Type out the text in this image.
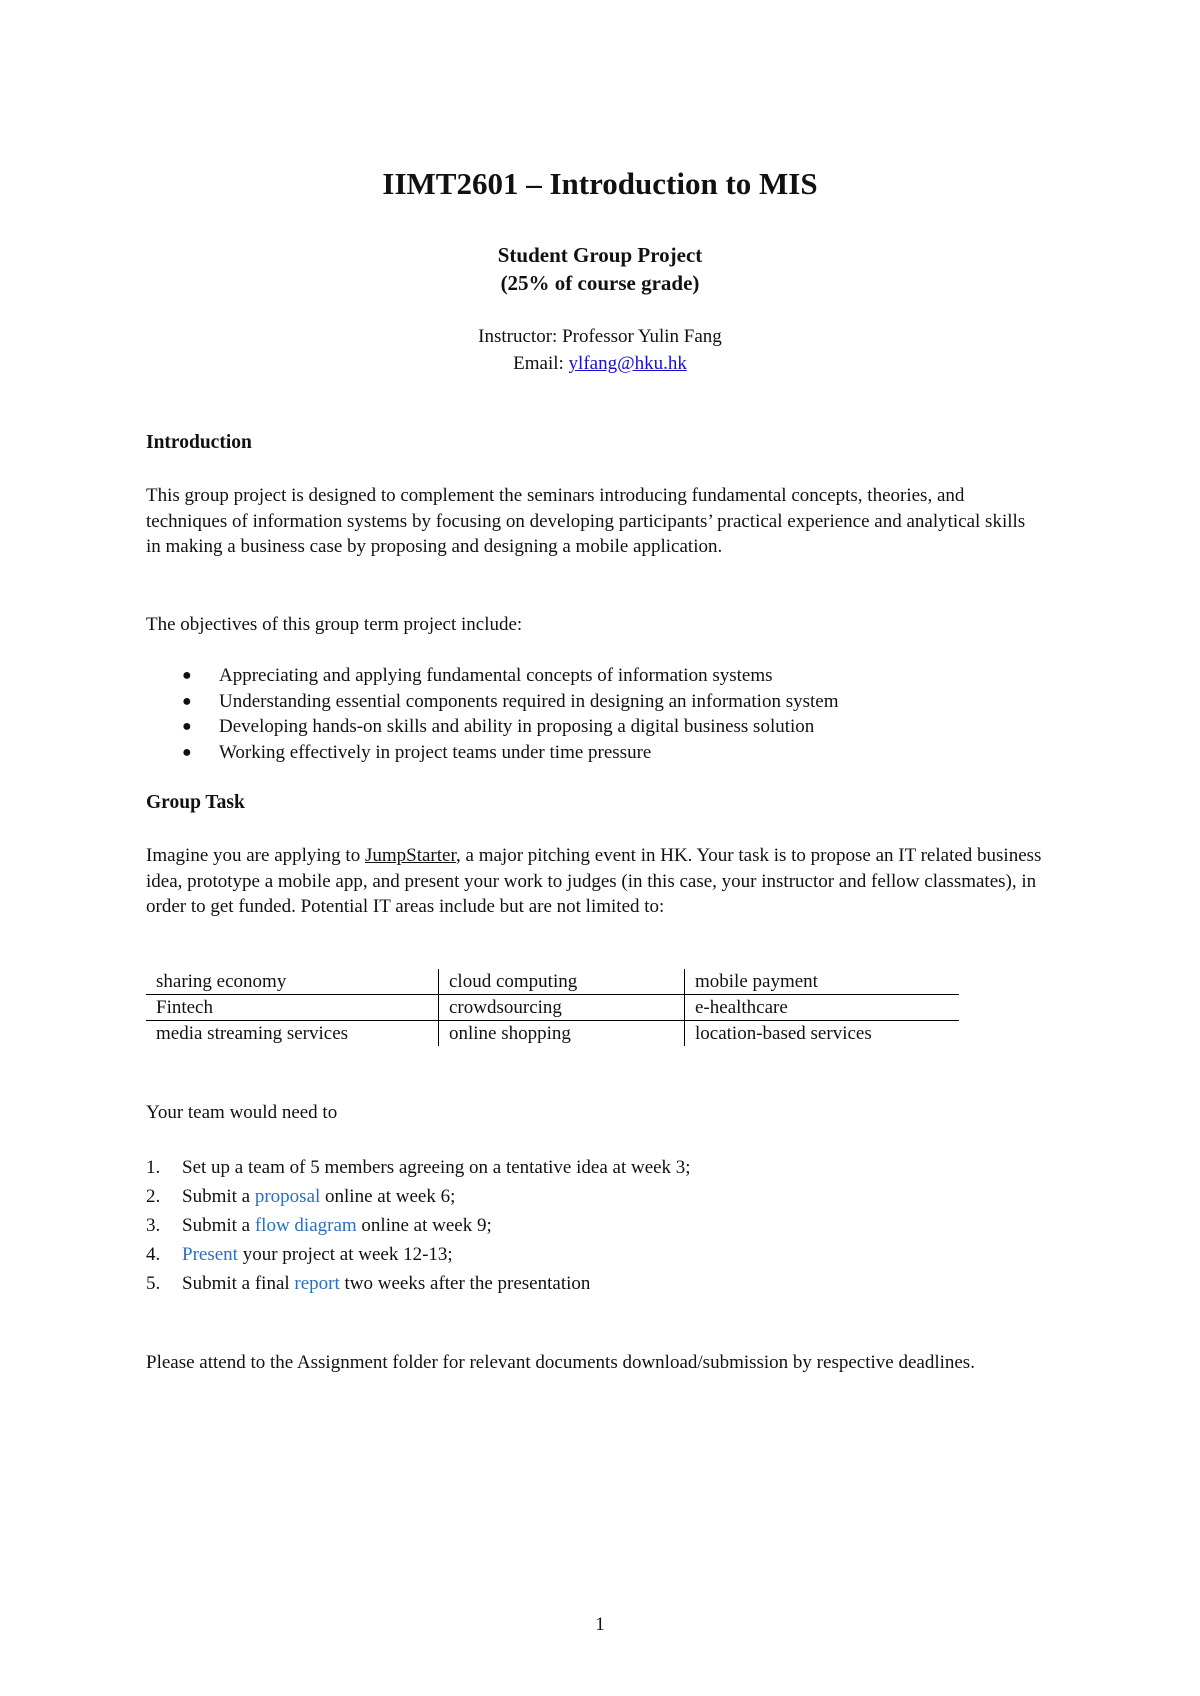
IIMT2601 – Introduction to MIS
Student Group Project
(25% of course grade)
Instructor: Professor Yulin Fang
Email: ylfang@hku.hk
Introduction
This group project is designed to complement the seminars introducing fundamental concepts, theories, and techniques of information systems by focusing on developing participants’ practical experience and analytical skills in making a business case by proposing and designing a mobile application.
The objectives of this group term project include:
● Appreciating and applying fundamental concepts of information systems
● Understanding essential components required in designing an information system
● Developing hands-on skills and ability in proposing a digital business solution
● Working effectively in project teams under time pressure
Group Task
Imagine you are applying to JumpStarter, a major pitching event in HK. Your task is to propose an IT related business idea, prototype a mobile app, and present your work to judges (in this case, your instructor and fellow classmates), in order to get funded. Potential IT areas include but are not limited to:
sharing economy	cloud computing	mobile payment
Fintech	crowdsourcing	e-healthcare
media streaming services	online shopping	location-based services
Your team would need to
1. Set up a team of 5 members agreeing on a tentative idea at week 3;
2. Submit a proposal online at week 6;
3. Submit a flow diagram online at week 9;
4. Present your project at week 12-13;
5. Submit a final report two weeks after the presentation
Please attend to the Assignment folder for relevant documents download/submission by respective deadlines.
1
